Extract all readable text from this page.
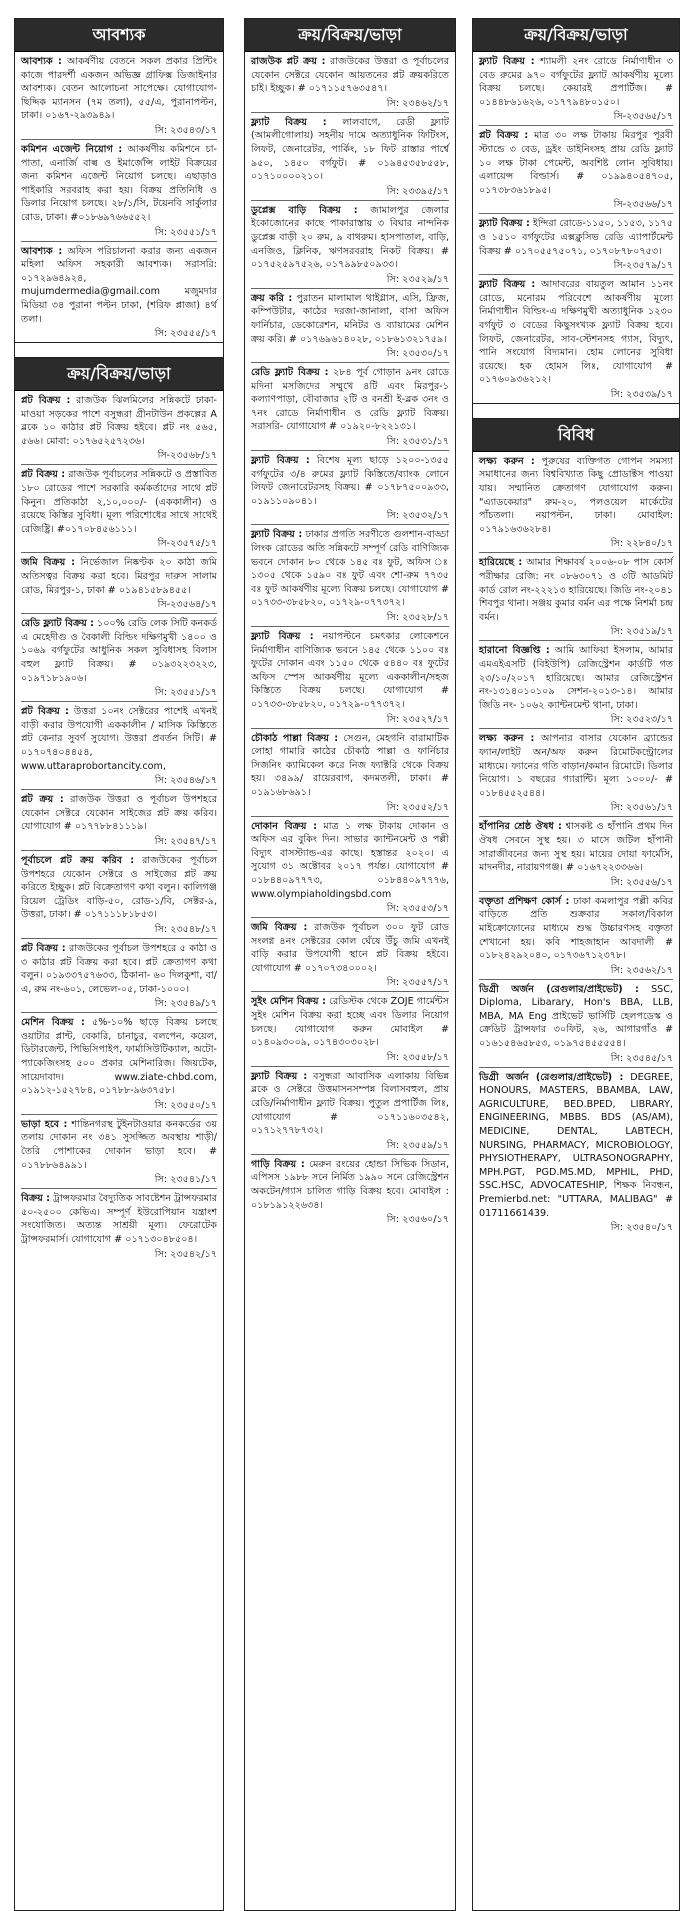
আবশ্যক

আবশ্যক : আকর্ষণীয় বেতনে সকল প্রকার প্রিন্টিং কাজে পারদর্শী একজন অভিজ্ঞ গ্রাফিক্স ডিজাইনার আবশ্যক। বেতন আলোচনা সাপেক্ষে। যোগাযোগ- ছিদ্দিক ম্যানসন (৭ম তলা), ৫৫/এ, পুরানাপল্টন, ঢাকা। ০১৬৭-২৯৩৯৪৯।

সি: ২৩৫৪৩/১৭

কমিশন এজেন্ট নিয়োগ : আকর্ষণীয় কমিশনে চা-পাতা, এনার্জি বাল্ব ও ইমার্জেন্সি লাইট বিক্রয়ের জন্য কমিশন এজেন্ট নিয়োগ চলছে। এছাড়াও পাইকারি সরবরাহ করা হয়। বিক্রয় প্রতিনিধি ও ডিলার নিয়োগ চলছে। ২৮/১/সি, টয়েনবি সার্কুলার রোড, ঢাকা। #০১৮৬৯৭৬৬৫৫২।

সি: ২৩৫৫১/১৭

আবশ্যক : অফিস পরিচালনা করার জন্য একজন মহিলা অফিস সহকারী আবশ্যক। সরাসরি: ০১৭২৯৬৪৯২৪, mujumdermedia@gmail.com মজুমদার মিডিয়া ৩৪ পুরানা পল্টন ঢাকা, (শরিফ প্লাজা) ৪র্থ তলা।

সি: ২৩৫৫৫/১৭
ক্রয়/বিক্রয়/ভাড়া

প্লট বিক্রয় : রাজউক ঝিলমিলের সন্নিকটে ঢাকা-মাওয়া সড়কের পাশে বসুন্ধরা গ্রীনটাউন প্রকল্পের A ব্লকে ১০ কাঠার প্লট বিক্রয় হইবে। প্লট নং ৫৬৫, ৫৬৬। মোবা: ০১৭৬৫২৫৭২৩৬।

সি-২৩৫৬৮/১৭

প্লট বিক্রয় : রাজউক পূর্বাচলের সন্নিকটে ও প্রস্তাবিত ১৮০ রোডের পাশে সরকারি কর্মকর্তাদের সাথে প্লট কিনুন। প্রতিকাঠা ২,১০,০০০/- (এককালীন) ও রয়েছে কিস্তির সুবিধা। মূল্য পরিশোধের সাথে সাথেই রেজিষ্ট্রি। #০১৭০৮৪৫৬১১১।

সি-২৩৫৭৫/১৭

জমি বিক্রয় : নির্ভেজাল নিষ্কণ্টক ২০ কাঠা জমি অতিসত্বর বিক্রয় করা হবে। মিরপুর দারুস সালাম রোড, মিরপুর-১, ঢাকা # ০১৯৪১৫৮৯৪৫৫।

সি-২৩৫৬৪/১৭

রেডি ফ্ল্যাট বিক্রয় : ১০০% রেডি লেক সিটি কনকর্ড এ মেহেদীগু ও বৈকালী বিল্ডিং দক্ষিণমুখী ১৪০০ ও ১০৬৯ বর্গফুটের আধুনিক সকল সুবিধাসহ বিলাস বহুল ফ্ল্যাট বিক্রয়। # ০১৯৩২২৩২২৩, ০১৯৭১৮১৯০৬।

সি: ২৩৫৫১/১৭

প্লট বিক্রয় : উত্তরা ১০নং সেক্টরের পাশেই এখনই বাড়ী করার উপযোগী এককালীন / মাসিক কিস্তিতে প্লট কেনার সুবর্ণ সুযোগ। উত্তরা প্রবর্তন সিটি। # ০১৭০৭৪০৪৪৫৪, www.uttaraprobortancity.com,

সি: ২৩৫৪৬/১৭

প্লট ক্রয় : রাজউক উত্তরা ও পূর্বাচল উপশহরে যেকোন সেক্টরে যেকোন সাইজের প্লট ক্রয় করিব। যোগাযোগ # ০১৭৭৮৮৪১১১৯।

সি: ২৩৫৪৭/১৭

পূর্বাচলে প্লট ক্রয় করিব : রাজউকের পূর্বাচল উপশহরে যেকোন সেক্টরে ও সাইজের প্লট ক্রয় করিতে ইচ্ছুক। প্লট বিক্রেতাগণ কথা বলুন। কালিগঞ্জ রিয়েল ট্রেডিং বাড়ি-৫০, রোড-১/বি, সেক্টর-৯, উত্তরা, ঢাকা। # ০১৭১১১৮১৮৫৩।

সি: ২৩৫৪৮/১৭

প্লট বিক্রয় : রাজউকের পূর্বাচল উপশহরে ৫ কাঠা ও ৩ কাঠার প্লট বিক্রয় করা হবে। প্লট ক্রেতাগণ কথা বলুন। ০১৯৩৩৭৫৭৬৩৩, ঠিকানা- ৬০ দিলকুশা, বা/এ, রুম নং-৬০১, লেভেল-০৫, ঢাকা-১০০০।

সি: ২৩৫৪৯/১৭

মেশিন বিক্রয় : ৫%-১০% ছাড়ে বিক্রয় চলছে ওয়াটার প্লান্ট, বেকারি, চানাচুর, বলপেন, কয়েল, ডিটারজেন্ট, পিভিসিপাইপ, ফার্মাসিউটিক্যাল, অটো-প্যাকেজিংসহ ৫০০ প্রকার মেশিনারিজ। জিয়টেক, সায়েদাবাদ। www.ziate-chbd.com, ০১৯১২-১৫২৭৮৪, ০১৭৮৮-৯৬৩৭৫৮।

সি: ২৩৫৫০/১৭

ভাড়া হবে : শান্তিনগরস্থ টুইনটাওয়ার কনকর্ডের ৩য় তলায় দোকান নং ৩৪১ সুসজ্জিত অবস্থায় শাড়ী/তৈরি পোশাকের দোকান ভাড়া হবে। # ০১৭৮৮৬৪৯৯১।

সি: ২৩৫৪১/১৭

বিক্রয় : ট্রান্সফরমার বৈদ্যুতিক সাবষ্টেশন ট্রান্সফরমার ৫০-২৫০০ কেভিএ। সম্পূর্ণ ইউরোপিয়ান যন্ত্রাংশ সংযোজিত। অত্যন্ত সাশ্রয়ী মূল্য। ফেরোটেক ট্রান্সফরমার্স। যোগাযোগ # ০১৭১৩০৪৮৫০৪।

সি: ২৩৫৪২/১৭
ক্রয়/বিক্রয়/ভাড়া

রাজউক প্লট ক্রয় : রাজউকের উত্তরা ও পূর্বাচলের যেকোন সেক্টরে যেকোন আয়তনের প্লট ক্রয়করিতে চাই। ইচ্ছুক। # ০১৭১১৫৭৬৩৫৪৭।

সি: ২৩৪৬২/১৭

ফ্ল্যাট বিক্রয় : লালবাগে, রেডী ফ্ল্যাট (আমলীগোলায়) সহনীয় দামে অত্যাধুনিক ফিটিংস, লিফট, জেনারেটর, পার্কিং, ১৮ ফিট রাস্তার পার্শ্বে ৯৫০, ১৪৫০ বর্গফুট। # ০১৯৪৫৩৫৮৫৫৮, ০১৭১০০০০২১০।

সি: ২৩৩৯৫/১৭

ডুপ্লেক্স বাড়ি বিক্রয় : জামালপুর জেলার ইকোজোনের কাছে পাকারাস্তায় ৩ বিঘার নান্দনিক ডুপ্লেক্স বাড়ী ২০ রুম, ৯ বাথরুম। হাসপাতাল, বাড়ি, এনজিও, ক্লিনিক, ঋণসরবরাহ নিকট বিক্রয়। # ০১৭৫২৫৯৭৫২৬, ০১৭৯৯৮৫০৯৩৩।

সি: ২৩৫২৯/১৭

ক্রয় করি : পুরাতন মালামাল থাইগ্লাস, এসি, ফ্রিজ, কম্পিউটার, কাঠের দরজা-জানালা, বাসা অফিস ফার্নিচার, ডেকোরেশন, মনিটর ও ব্যায়ামের মেশিন ক্রয় করি। # ০১৭৬৯৬১৪০২৮, ০১৮৬১৩২১৭৫৯।

সি: ২৩৫৩০/১৭

রেডি ফ্ল্যাট বিক্রয় : ২৮৪ পূর্ব গোড়ান ৯নং রোডে মদিনা মসজিদের সম্মুখে ৪টি এবং মিরপুর-১ কল্যাণপাড়া, বৌবাজার ২টি ও বনশ্রী ই-ব্লক ৩নং ও ৭নং রোডে নির্মাণাধীন ও রেডি ফ্ল্যাট বিক্রয়। সরাসরি- যোগাযোগ # ০১৯২০-৮২২১৩১।

সি: ২৩৫৩১/১৭

ফ্ল্যাট বিক্রয় : বিশেষ মূল্য ছাড়ে ১২০০-১৩৫৫ বর্গফুটের ৩/৪ রুমের ফ্ল্যাট কিস্তিতে/ব্যাংক লোনে লিফট জেনারেটরসহ বিক্রয়। # ০১৭৮৭৫০০৯৩৩, ০১৯১১০৯০৪১।

সি: ২৩৫৩২/১৭

ফ্ল্যাট বিক্রয় : ঢাকার প্রগতি সরণীতে গুলশান-বাড্ডা লিংক রোডের অতি সন্নিকটে সম্পূর্ণ রেডি বাণিজ্যিক ভবনে দোকান ৮০ থেকে ১৪৫ বঃ ফুট, অফিস ঃ ১৩০৫ থেকে ১৫৯০ বঃ ফুট এবং শো-রুম ৭৭৩৫ বঃ ফুট আকর্ষণীয় মূল্যে বিক্রয় চলছে। যোগাযোগ # ০১৭৩৩-৩৮৫৮২০, ০১৭২৯-০৭৭৩৭২।

সি: ২৩৫২৮/১৭

ফ্ল্যাট বিক্রয় : নয়াপল্টনে চমৎকার লোকেশনে নির্মাণাধীন বাণিজ্যিক ভবনে ১৪৫ থেকে ১১০০ বঃ ফুটের দোকান এবং ১১৫০ থেকে ৫৪৪০ বঃ ফুটের অফিস স্পেস আকর্ষণীয় মূল্যে এককালীন/সহজ কিস্তিতে বিক্রয় চলছে। যোগাযোগ # ০১৭৩৩-৩৮৫৮২০, ০১৭২৯-০৭৭৩৭২।

সি: ২৩৫২৭/১৭

চৌকাঠ পাল্লা বিক্রয় : সেগুন, মেহগনি বারামাটিক লোহা গামারি কাঠের চৌকাঠ পাল্লা ও ফার্নিচার সিজনিং ক্যামিকেল করে নিজ ফ্যাক্টরি থেকে বিক্রয় হয়। ৩৪৯৯/ রায়েরবাগ, কদমতলী, ঢাকা। # ০১৯১৬৮৬৯১।

সি: ২৩৫৫২/১৭

দোকান বিক্রয় : মাত্র ১ লক্ষ টাকায় দোকান ও অফিস এর বুকিং দিন। সাভার ক্যান্টনমেন্ট ও পল্লী বিদ্যুৎ বাসস্ট্যান্ড-এর কাছে। হস্তান্তর ২০২০। এ সুযোগ ৩১ অক্টোবর ২০১৭ পর্যন্ত। যোগাযোগ # ০১৮৪৪০৯৭৭৭৩, ০১৮৪৪০৯৭৭৭৬, www.olympiaholdingsbd.com

সি: ২৩৫৫৩/১৭

জমি বিক্রয় : রাজউক পূর্বাচল ৩০০ ফুট রোড সংলগ্ন ৪নং সেক্টরের কোল ঘেঁষে উঁচু জমি এখনই বাড়ি করার উপযোগী স্থানে প্লট বিক্রয় হইবে। যোগাযোগ # ০১৭০৭৩৪০০০২।

সি: ২৩৫৫৭/১৭

সুইং মেশিন বিক্রয় : রেডিস্টক থেকে ZOJE গার্মেন্টস সুইং মেশিন বিক্রয় করা হচ্ছে এবং ডিলার নিয়োগ চলছে। যোগাযোগ করুন মোবাইল # ০১৪০৯৩০০৯, ০১৭৪৩০৩০২৮।

সি: ২৩৫৫৮/১৭

ফ্ল্যাট বিক্রয় : বসুন্ধরা আবাসিক এলাকায় বিভিন্ন ব্লকে ও সেক্টরে উত্তমাসনসম্পন্ন বিলাসবহুল, প্রায় রেডি/নির্মাণাধীন ফ্ল্যাট বিক্রয়। পুতুল প্রপার্টিজ লিঃ, যোগাযোগ # ০১৭১১৬০৩৫৪২, ০১৭১২৭৭৮৭৩২।

সি: ২৩৫৫৯/১৭

গাড়ি বিক্রয় : মেরুন রংয়ের হোন্ডা সিভিক সিডান, এপিসস ১৯৮৮ সনে নির্মিত ১৯৯০ সনে রেজিস্ট্রেশন অকটেন/গ্যাস চালিত গাড়ি বিক্রয় হবে। মোবাইল : ০১৮১৯১২২৬৩৪।

সি: ২৩৫৬০/১৭
ক্রয়/বিক্রয়/ভাড়া

ফ্ল্যাট বিক্রয় : শ্যামলী ২নং রোডে নির্মাণাধীন ৩ বেড রুমের ৯৭০ বর্গফুটের ফ্ল্যাট আকর্ষণীয় মূল্যে বিক্রয় চলছে। কেয়ারই প্রপার্টিজ। # ০১৪৪৮৬১৬২৬, ০১৭৭৯৪৮০১৫০।

সি-২৩৫৬৫/১৭

প্লট বিক্রয় : মাত্র ৩০ লক্ষ টাকায় মিরপুর পূরবী স্ট্যান্ডে ৩ বেড, ড্রইং ডাইনিংসহ প্রায় রেডি ফ্ল্যাট ১০ লক্ষ টাকা পেমেন্ট, অবশিষ্ট লোন সুবিধায়। এলায়েন্স বিল্ডার্স। # ০১৯৯৪০৫৪৭০৫, ০১৭৩৮৩৬১৮৯৫।

সি-২৩৫৬৬/১৭

ফ্ল্যাট বিক্রয় : ইন্দিরা রোডে-১১৫০, ১১৫৩, ১১৭৫ ও ১৫১০ বর্গফুটের এক্সক্লুসিভ রেডি এ্যাপার্টমেন্ট বিক্রয় # ০১৭০৫৫৭৫০৭১, ০১৭০৮৭৮০৭৫৩।

সি-২৩৫৭৯/১৭

ফ্ল্যাট বিক্রয় : আদাবরের বায়তুল আমান ১১নং রোডে, মনোরম পরিবেশে আকর্ষণীয় মূল্যে নির্মাণাধীন বিল্ডিং-এ দক্ষিণমুখী অত্যাধুনিক ১২৩০ বর্গফুট ৩ বেডের কিছুসংখ্যক ফ্ল্যাট বিক্রয় হবে। লিফট, জেনারেটর, সাব-স্টেশনসহ গ্যাস, বিদ্যুৎ, পানি সংযোগ বিদ্যমান। হোম লোনের সুবিধা রয়েছে। হক হোমস লিঃ, যোগাযোগ # ০১৭৬০৯৩৬২১২।

সি: ২৩৫৩৯/১৭
বিবিধ

লক্ষ্য করুন : পুরুষের ব্যক্তিগত গোপন সমস্যা সমাধানের জন্য বিশ্ববিখ্যাত কিছু প্রোডাক্টস পাওয়া যায়। সম্মানিত ক্রেতাগণ যোগাযোগ করুন। "এ্যাডকেয়ার" রুম-২০, পলওয়েল মার্কেটের পাঁচতলা। নয়াপল্টন, ঢাকা। মোবাইল: ০১৭৯১৬৩৬২৮৪।

সি: ২২৮৪০/১৭

হারিয়েছে : আমার শিক্ষাবর্ষ ২০০৬-০৮ পাস কোর্স পরীক্ষার রেজি: নং ০৮৬৩০৭১ ও ৩টি আডমিট কার্ড রোল নং-২২২১৩ হারিয়েছে। জিডি নং-২০৪১ শিবপুর থানা। সঞ্জয় কুমার বর্মন এর পক্ষে নিশর্মা চন্দ্র বর্মন।

সি: ২৩৫১৯/১৭

হারানো বিজ্ঞপ্তি : আমি আফিয়া ইসলাম, আমার এমএইএসটি (বিইউপি) রেজিস্ট্রেশন কার্ডটি গত ২৩/১০/২০১৭ হারিয়েছে। আমার রেজিস্ট্রেশন নং-১৩১৪০১০১০৯ সেশন-২০১৩-১৪। আমার জিডি নং- ১০৬২ ক্যান্টনমেন্ট থানা, ঢাকা।

সি: ২৩৫২৩/১৭

লক্ষ্য করুন : আপনার বাসার যেকোন ব্র্যান্ডের ফ্যান/লাইট অন/অফ করুন রিমোটকন্ট্রোলের মাধ্যমে। ফ্যানের গতি বাড়ান/কমান রিমোটে। ডিলার নিয়োগ। ১ বছরের গ্যারান্টি। মূল্য ১০০০/- # ০১৮৪৫৫২৫৪৪।

সি: ২৩৫৬১/১৭

হাঁপানির শ্রেষ্ঠ ঔষধ : শ্বাসকষ্ট ও হাঁপানি প্রথম দিন ঔষধ সেবনে সুস্থ হয়। ৩ মাসে জটিল হাঁপানী সারাজীবনের জন্য সুস্থ হয়। মায়ের দোয়া ফার্মেসি, মাদনদীর, নারায়ণগঞ্জ। # ০১৬৭২২৩৩৬৬।

সি: ২৩৫৫৬/১৭

বক্তৃতা প্রশিক্ষণ কোর্স : ঢাকা কমলাপুর পল্লী কবির বাড়িতে প্রতি শুক্রবার সকাল/বিকাল মাইক্রোফোনের মাধ্যমে শুদ্ধ উচ্চারণসহ বক্তৃতা শেখানো হয়। কবি শাহজাহান আবদালী # ০১৮২৪২৯২০৪০, ০১৭৩৬৭১২৩৭৮।

সি: ২৩৫৬২/১৭

ডিগ্রী অর্জন (রেগুলার/প্রাইভেট) : SSC, Diploma, Libarary, Hon's BBA, LLB, MBA, MA Eng প্রাইভেট ভার্সিটি হেলপডেস্ক ও ক্রেডিট ট্রান্সফার ৩০ফিট, ২৬, আগারগাঁও # ০১৬১৫৪৬৫৮৫৩, ০১৯৭৫৪৫৫৫৫৪।

সি: ২৩৫৪৫/১৭

ডিগ্রী অর্জন (রেগুলার/প্রাইভেট) : DEGREE, HONOURS, MASTERS, BBAMBA, LAW, AGRICULTURE, BED.BPED, LIBRARY, ENGINEERING, MBBS. BDS (AS/AM), MEDICINE, DENTAL, LABTECH, NURSING, PHARMACY, MICROBIOLOGY, PHYSIOTHERAPY, ULTRASONOGRAPHY, MPH.PGT, PGD.MS.MD, MPHIL, PHD, SSC.HSC, ADVOCATESHIP, শিক্ষক নিবন্ধন, Premierbd.net: "UTTARA, MALIBAG" # 01711661439.

সি: ২৩৫৪০/১৭
